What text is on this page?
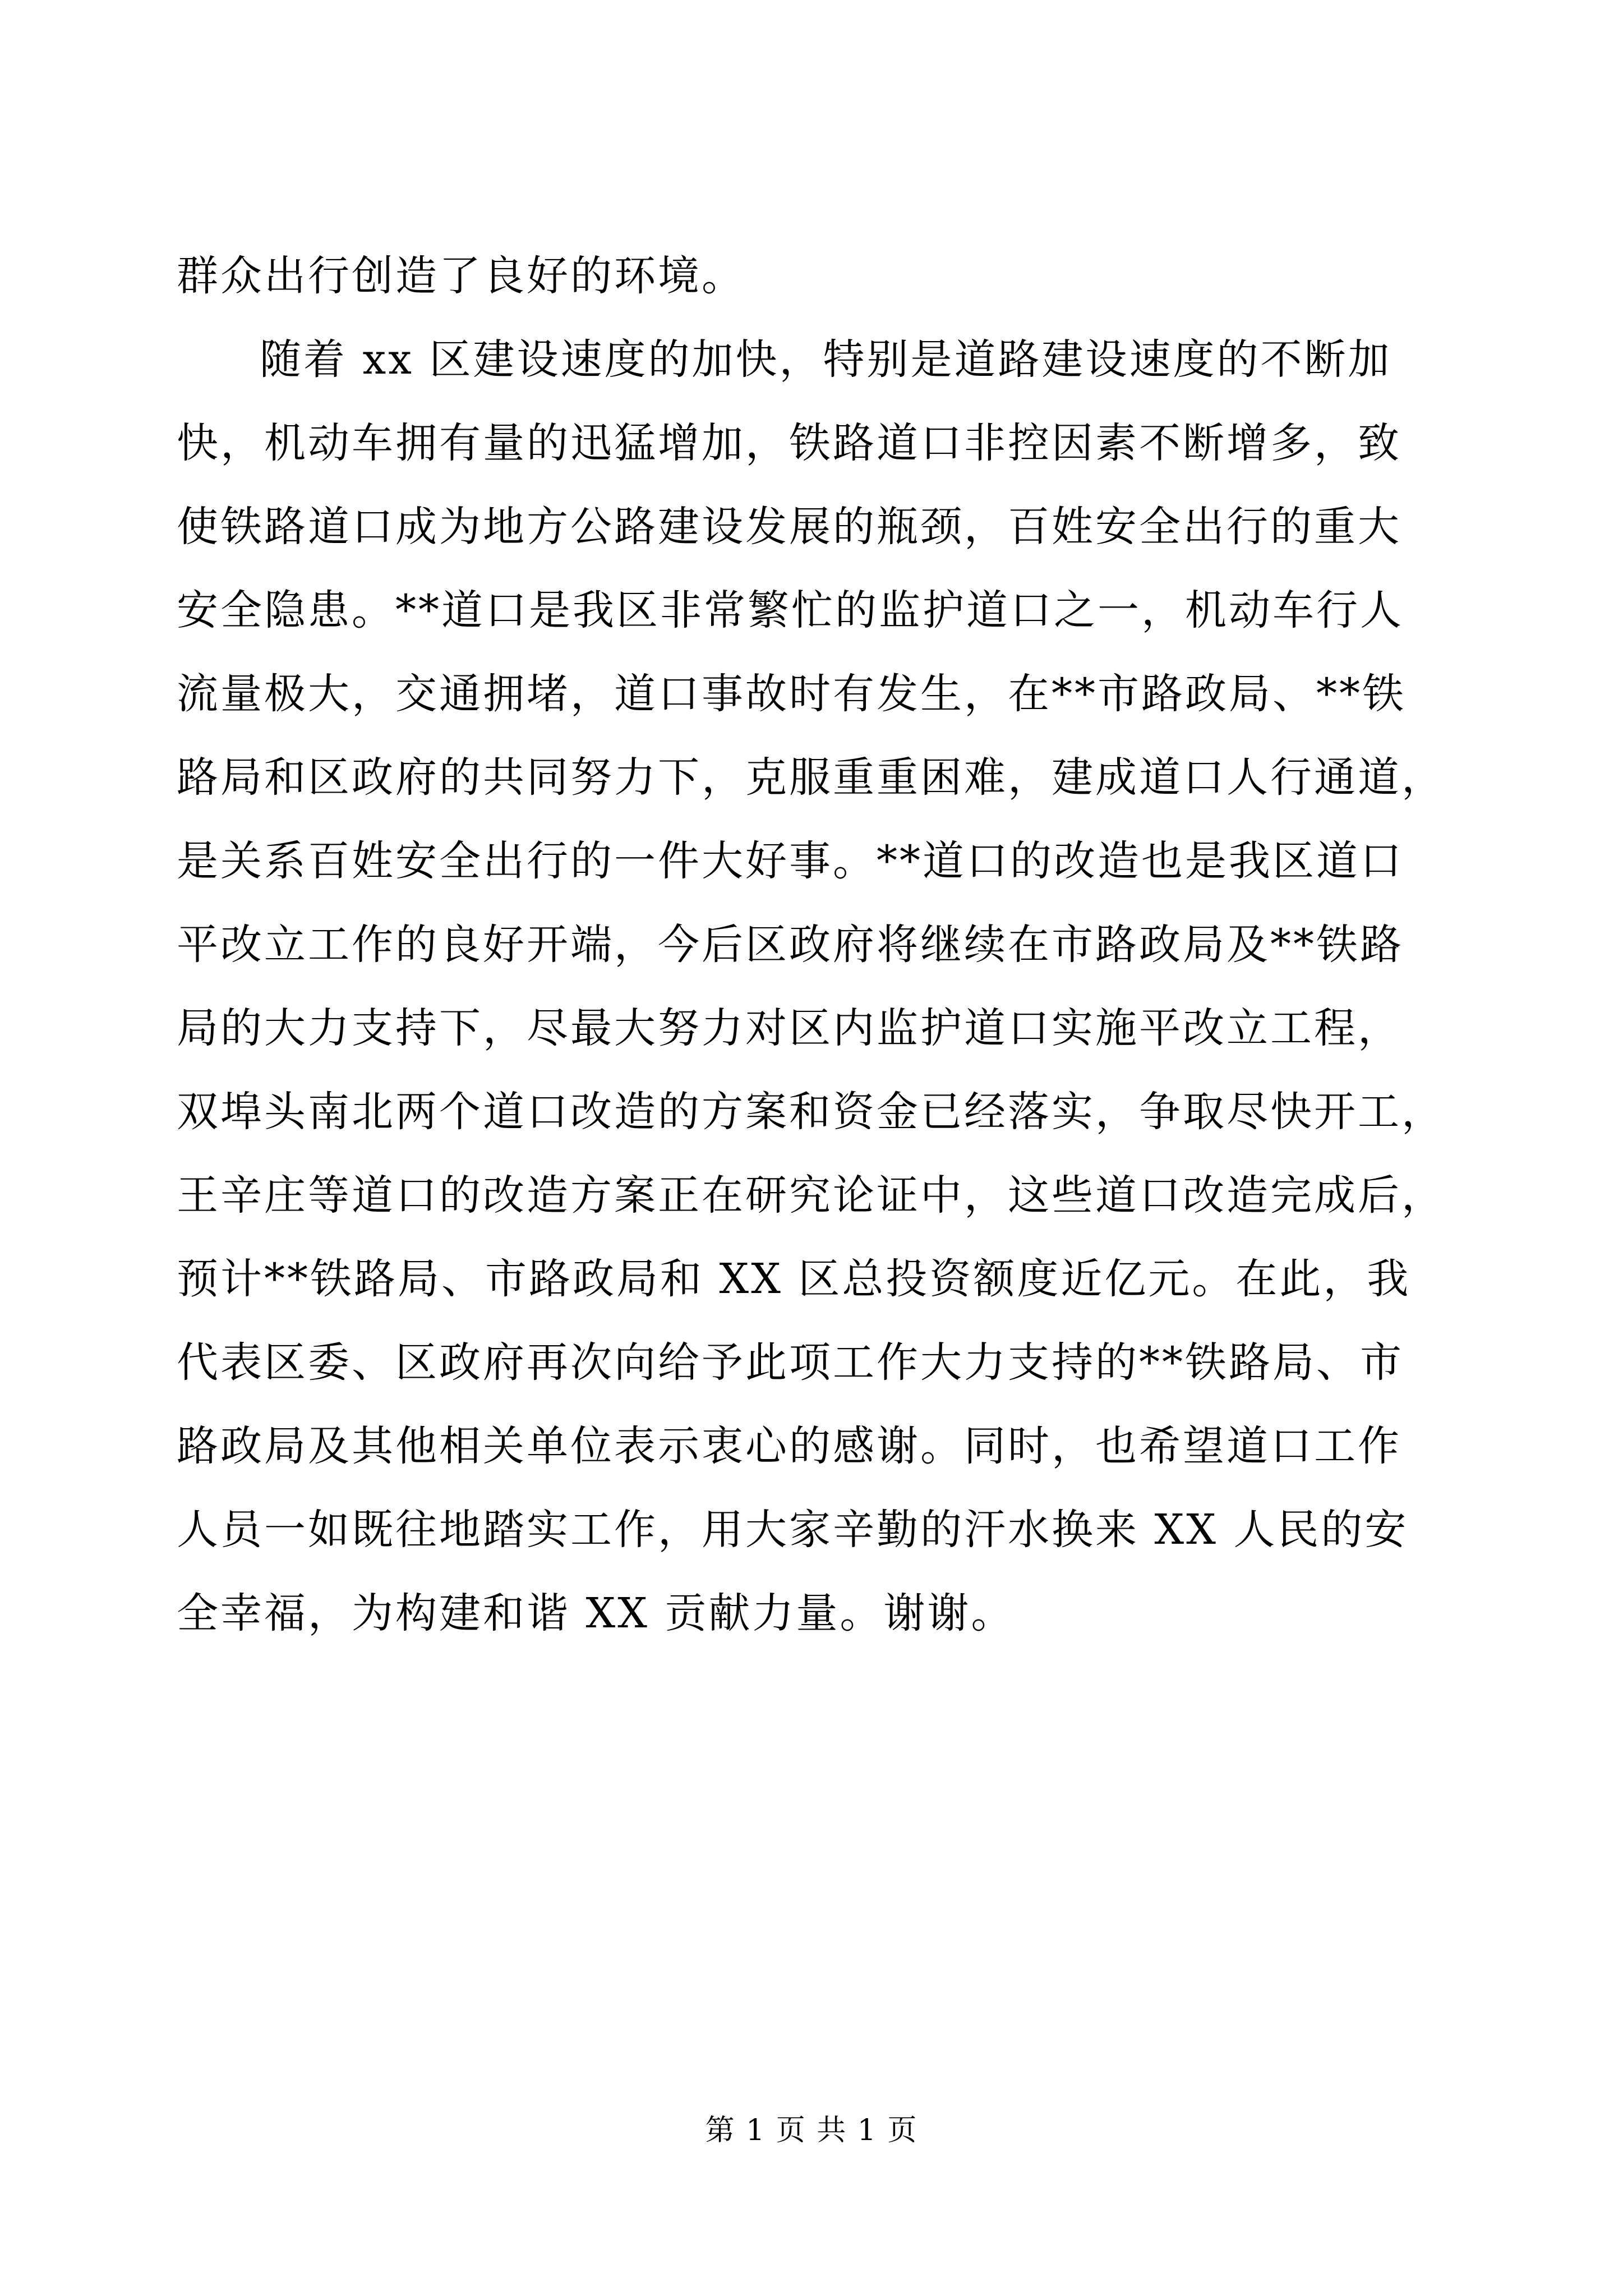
群众出行创造了良好的环境。
随着 xx 区建设速度的加快，特别是道路建设速度的不断加
快，机动车拥有量的迅猛增加，铁路道口非控因素不断增多，致
使铁路道口成为地方公路建设发展的瓶颈，百姓安全出行的重大
安全隐患。**道口是我区非常繁忙的监护道口之一，机动车行人
流量极大，交通拥堵，道口事故时有发生，在**市路政局、**铁
路局和区政府的共同努力下，克服重重困难，建成道口人行通道，
是关系百姓安全出行的一件大好事。**道口的改造也是我区道口
平改立工作的良好开端，今后区政府将继续在市路政局及**铁路
局的大力支持下，尽最大努力对区内监护道口实施平改立工程，
双埠头南北两个道口改造的方案和资金已经落实，争取尽快开工，
王辛庄等道口的改造方案正在研究论证中，这些道口改造完成后，
预计**铁路局、市路政局和 XX 区总投资额度近亿元。在此，我
代表区委、区政府再次向给予此项工作大力支持的**铁路局、市
路政局及其他相关单位表示衷心的感谢。同时，也希望道口工作
人员一如既往地踏实工作，用大家辛勤的汗水换来 XX 人民的安
全幸福，为构建和谐 XX 贡献力量。谢谢。
第 1 页 共 1 页
